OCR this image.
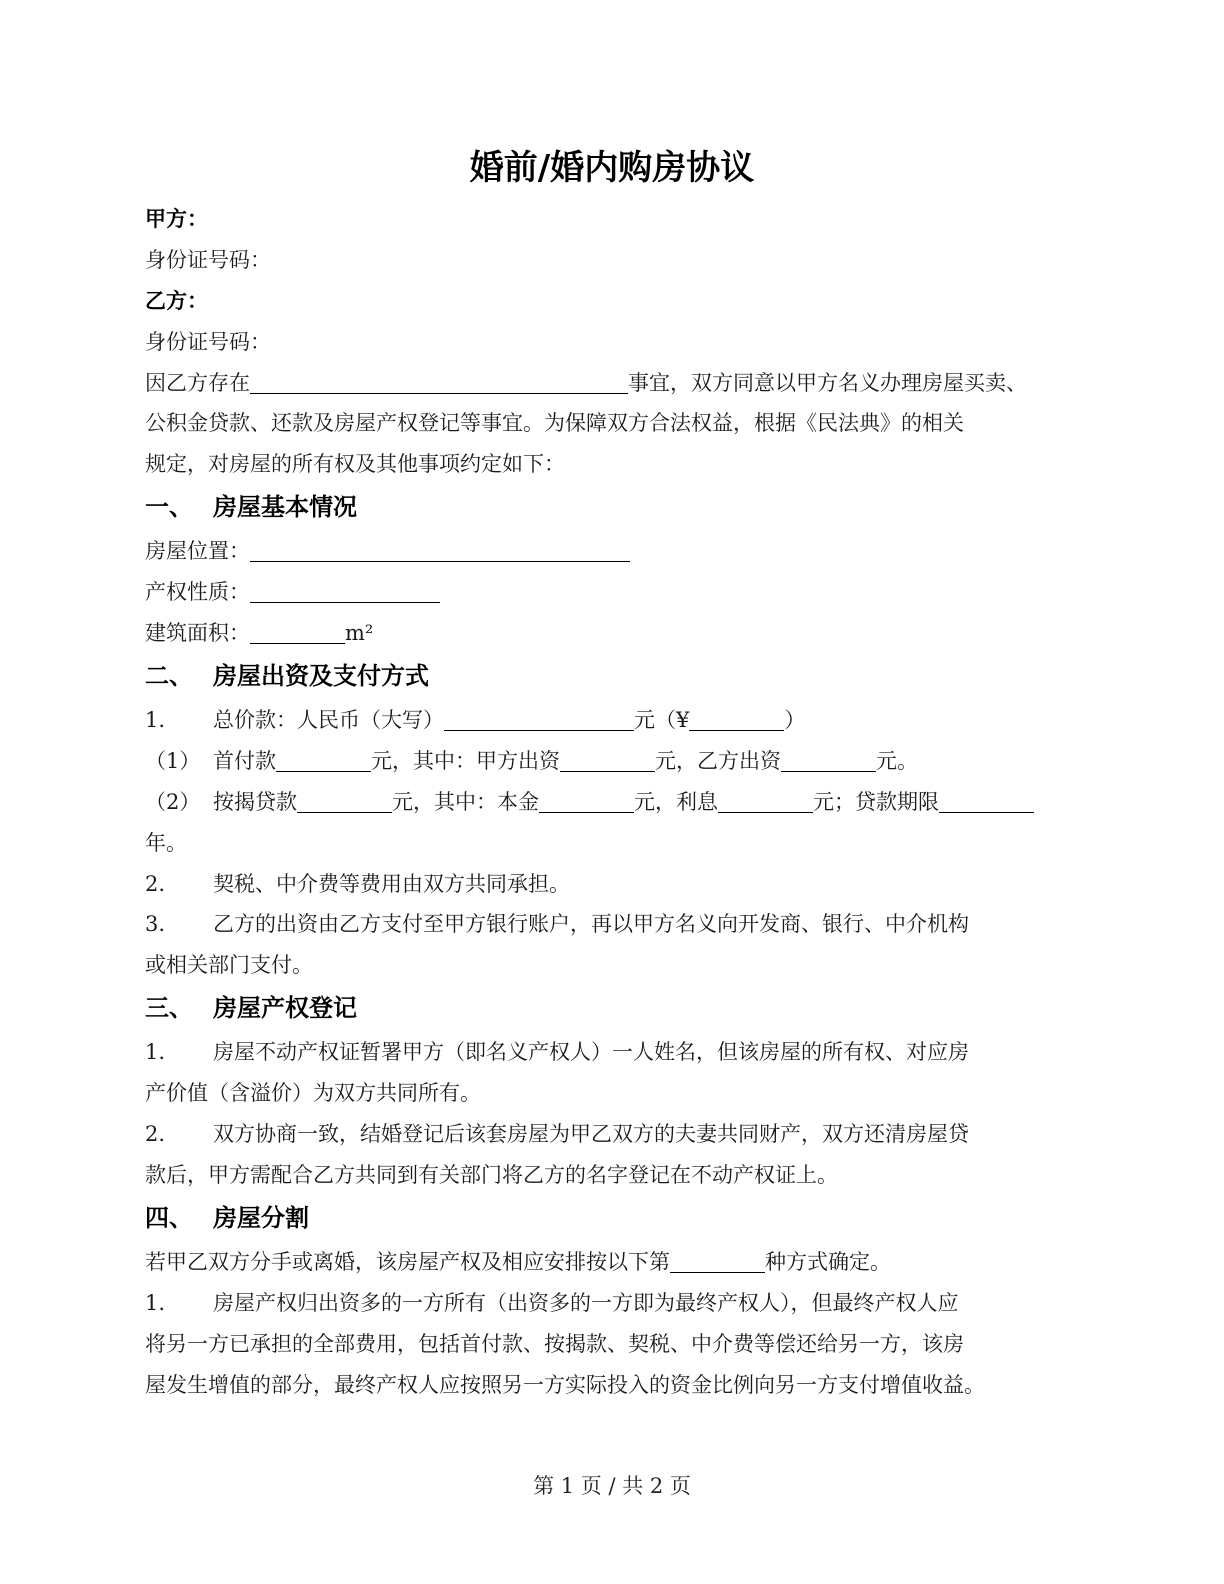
婚前/婚内购房协议
甲方：
身份证号码：
乙方：
身份证号码：
因乙方存在	事宜，双方同意以甲方名义办理房屋买卖、
公积金贷款、还款及房屋产权登记等事宜。为保障双方合法权益，根据《民法典》的相关
规定，对房屋的所有权及其他事项约定如下：
一、 房屋基本情况
房屋位置：
产权性质：
建筑面积：	m²
二、 房屋出资及支付方式
1. 总价款：人民币（大写）	元（¥	）
（1） 首付款	元，其中：甲方出资	元，乙方出资	元。
（2） 按揭贷款	元，其中：本金	元，利息	元；贷款期限
年。
2. 契税、中介费等费用由双方共同承担。
3. 乙方的出资由乙方支付至甲方银行账户，再以甲方名义向开发商、银行、中介机构
或相关部门支付。
三、 房屋产权登记
1. 房屋不动产权证暂署甲方（即名义产权人）一人姓名，但该房屋的所有权、对应房
产价值（含溢价）为双方共同所有。
2. 双方协商一致，结婚登记后该套房屋为甲乙双方的夫妻共同财产，双方还清房屋贷
款后，甲方需配合乙方共同到有关部门将乙方的名字登记在不动产权证上。
四、 房屋分割
若甲乙双方分手或离婚，该房屋产权及相应安排按以下第	种方式确定。
1. 房屋产权归出资多的一方所有（出资多的一方即为最终产权人），但最终产权人应
将另一方已承担的全部费用，包括首付款、按揭款、契税、中介费等偿还给另一方，该房
屋发生增值的部分，最终产权人应按照另一方实际投入的资金比例向另一方支付增值收益。
第 1 页 / 共 2 页
